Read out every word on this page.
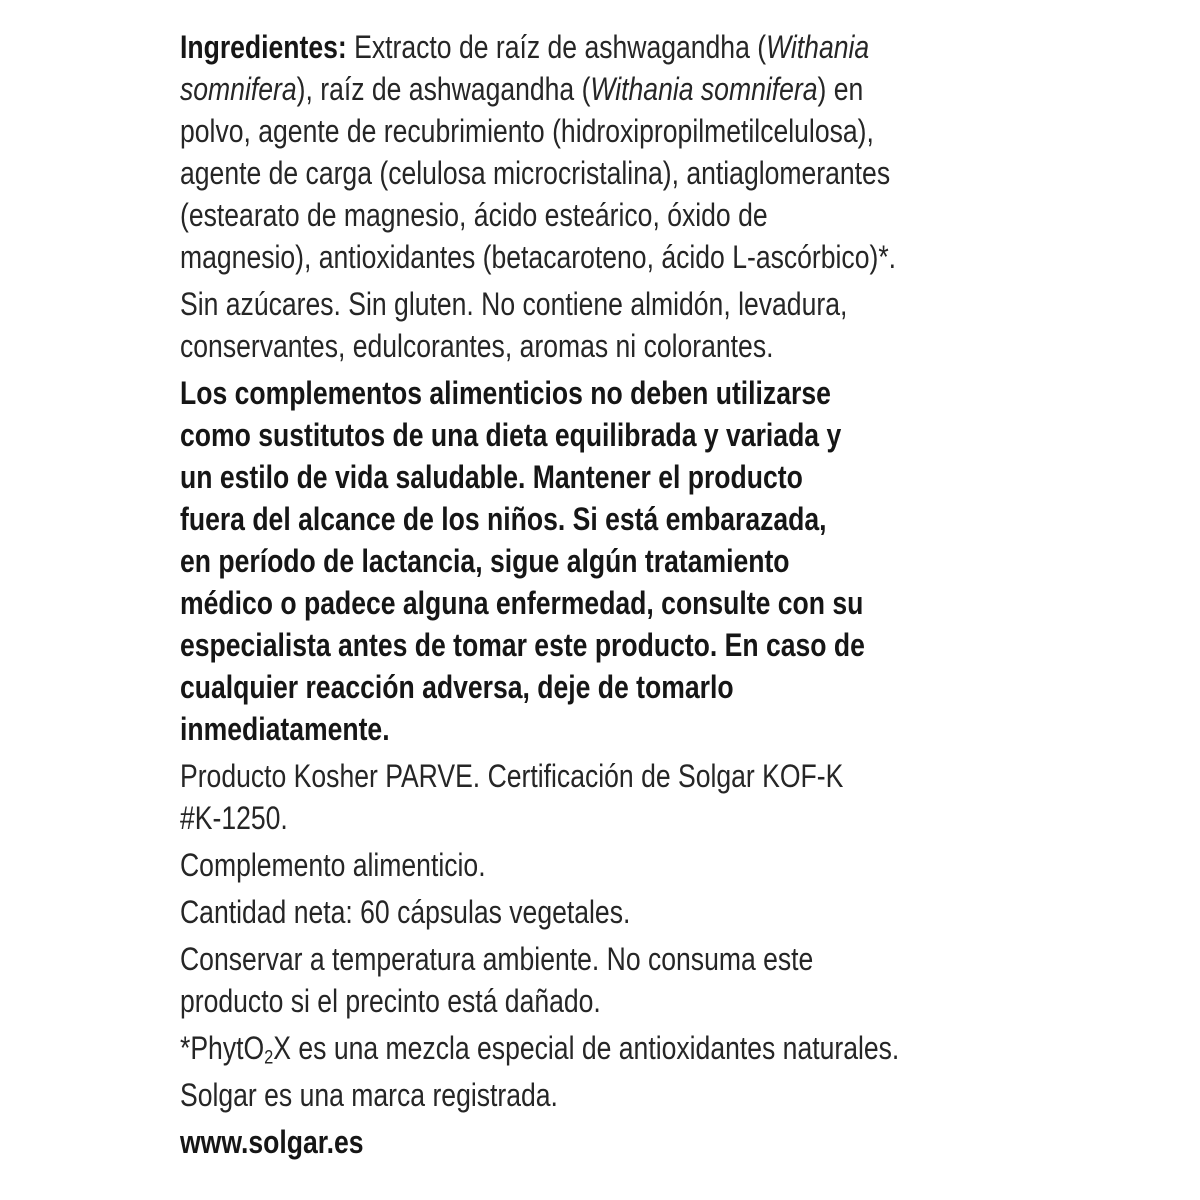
Ingredientes: Extracto de raíz de ashwagandha (Withania
somnifera), raíz de ashwagandha (Withania somnifera) en
polvo, agente de recubrimiento (hidroxipropilmetilcelulosa),
agente de carga (celulosa microcristalina), antiaglomerantes
(estearato de magnesio, ácido esteárico, óxido de
magnesio), antioxidantes (betacaroteno, ácido L-ascórbico)*.
Sin azúcares. Sin gluten. No contiene almidón, levadura,
conservantes, edulcorantes, aromas ni colorantes.
Los complementos alimenticios no deben utilizarse
como sustitutos de una dieta equilibrada y variada y
un estilo de vida saludable. Mantener el producto
fuera del alcance de los niños. Si está embarazada,
en período de lactancia, sigue algún tratamiento
médico o padece alguna enfermedad, consulte con su
especialista antes de tomar este producto. En caso de
cualquier reacción adversa, deje de tomarlo
inmediatamente.
Producto Kosher PARVE. Certificación de Solgar KOF-K
#K-1250.
Complemento alimenticio.
Cantidad neta: 60 cápsulas vegetales.
Conservar a temperatura ambiente. No consuma este
producto si el precinto está dañado.
*PhytO2X es una mezcla especial de antioxidantes naturales.
Solgar es una marca registrada.
www.solgar.es
